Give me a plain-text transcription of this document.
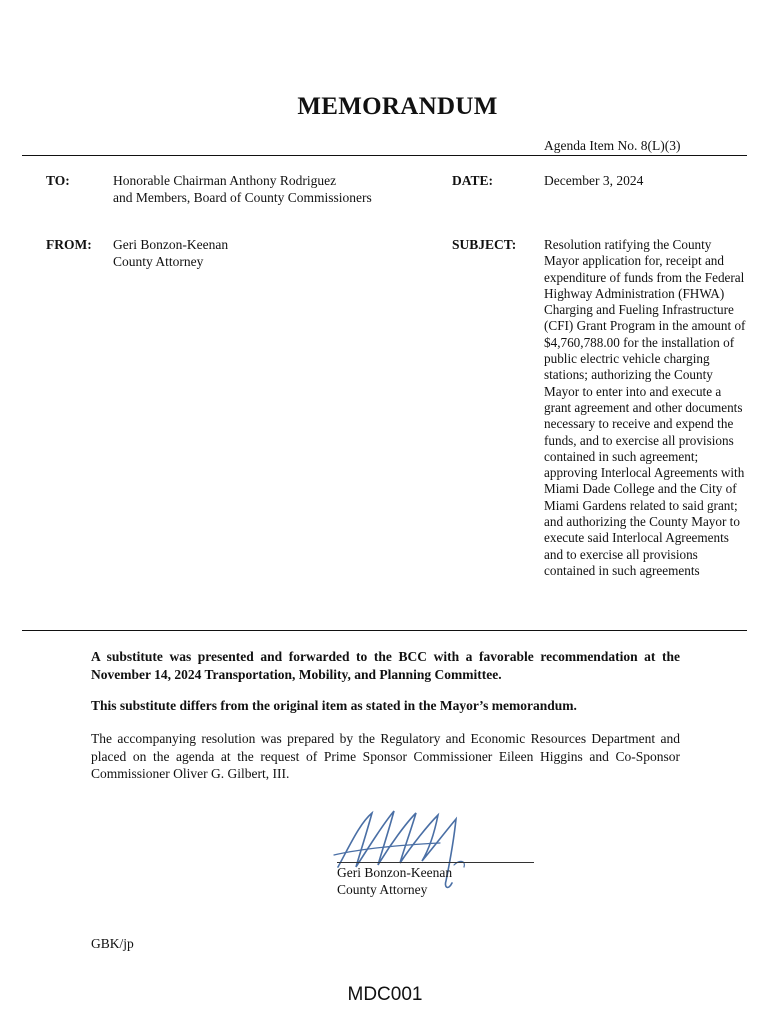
MEMORANDUM
Agenda Item No. 8(L)(3)
TO:	Honorable Chairman Anthony Rodriguez
and Members, Board of County Commissioners
DATE:	December 3, 2024
FROM: Geri Bonzon-Keenan
County Attorney
SUBJECT: Resolution ratifying the County Mayor application for, receipt and expenditure of funds from the Federal Highway Administration (FHWA) Charging and Fueling Infrastructure (CFI) Grant Program in the amount of $4,760,788.00 for the installation of public electric vehicle charging stations; authorizing the County Mayor to enter into and execute a grant agreement and other documents necessary to receive and expend the funds, and to exercise all provisions contained in such agreement; approving Interlocal Agreements with Miami Dade College and the City of Miami Gardens related to said grant; and authorizing the County Mayor to execute said Interlocal Agreements and to exercise all provisions contained in such agreements
A substitute was presented and forwarded to the BCC with a favorable recommendation at the November 14, 2024 Transportation, Mobility, and Planning Committee.
This substitute differs from the original item as stated in the Mayor’s memorandum.
The accompanying resolution was prepared by the Regulatory and Economic Resources Department and placed on the agenda at the request of Prime Sponsor Commissioner Eileen Higgins and Co-Sponsor Commissioner Oliver G. Gilbert, III.
Geri Bonzon-Keenan
County Attorney
GBK/jp
MDC001
